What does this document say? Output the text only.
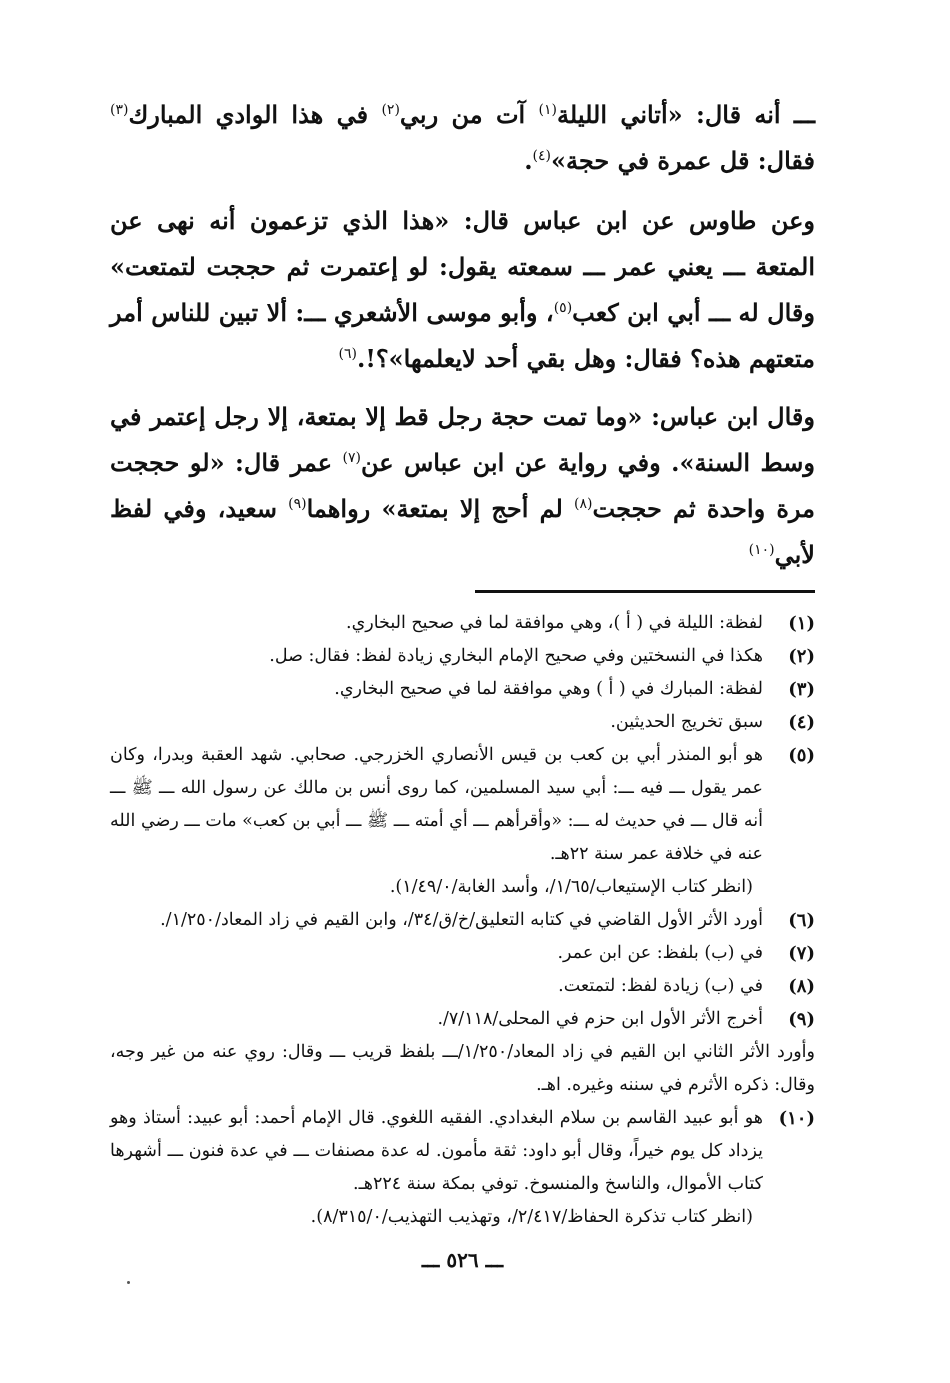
ـــ أنه قال: «أتاني الليلة$^{(١)}$ آت من ربي$^{(٢)}$ في هذا الوادي المبارك$^{(٣)}$ فقال: قل عمرة في حجة»$^{(٤)}$.

وعن طاوس عن ابن عباس قال: «هذا الذي تزعمون أنه نهى عن المتعة ـــ يعني عمر ـــ سمعته يقول: لو إعتمرت ثم حججت لتمتعت» وقال له ـــ أبي ابن كعب$^{(٥)}$، وأبو موسى الأشعري ـــ: ألا تبين للناس أمر متعتهم هذه؟ فقال: وهل بقي أحد لايعلمها»؟!.$^{(٦)}$

وقال ابن عباس: «وما تمت حجة رجل قط إلا بمتعة، إلا رجل إعتمر في وسط السنة». وفي رواية عن ابن عباس عن$^{(٧)}$ عمر قال: «لو حججت مرة واحدة ثم حججت$^{(٨)}$ لم أحج إلا بمتعة» رواهما$^{(٩)}$ سعيد، وفي لفظ لأبي$^{(١٠)}$

(١)
لفظة: الليلة في ( أ )، وهي موافقة لما في صحيح البخاري.
(٢)
هكذا في النسختين وفي صحيح الإمام البخاري زيادة لفظ: فقال: صل.
(٣)
لفظة: المبارك في ( أ ) وهي موافقة لما في صحيح البخاري.
(٤)
سبق تخريج الحديثين.
(٥)
هو أبو المنذر أبي بن كعب بن قيس الأنصاري الخزرجي. صحابي. شهد العقبة وبدرا، وكان عمر يقول ـــ فيه ـــ: أبي سيد المسلمين، كما روى أنس بن مالك عن رسول الله ـــ ﷺ ـــ أنه قال ـــ في حديث له ـــ: «وأقرأهم ـــ أي أمته ـــ ﷺ ـــ أبي بن كعب» مات ـــ رضي الله عنه في خلافة عمر سنة ٢٢هـ.
(انظر كتاب الإستيعاب/١/٦٥/، وأسد الغابة/١/٤٩/٠).
(٦)
أورد الأثر الأول القاضي في كتابه التعليق/خ/ق/٣٤/، وابن القيم في زاد المعاد/١/٢٥٠/.
(٧)
في (ب) بلفظ: عن ابن عمر.
(٨)
في (ب) زيادة لفظ: لتمتعت.
(٩)
أخرج الأثر الأول ابن حزم في المحلى/٧/١١٨/.
وأورد الأثر الثاني ابن القيم في زاد المعاد/١/٢٥٠/ـــ بلفظ قريب ـــ وقال: روي عنه من غير وجه، وقال: ذكره الأثرم في سننه وغيره. اهـ.
(١٠)
هو أبو عبيد القاسم بن سلام البغدادي. الفقيه اللغوي. قال الإمام أحمد: أبو عبيد: أستاذ وهو يزداد كل يوم خيراً، وقال أبو داود: ثقة مأمون. له عدة مصنفات ـــ في عدة فنون ـــ أشهرها كتاب الأموال، والناسخ والمنسوخ. توفي بمكة سنة ٢٢٤هـ.
(انظر كتاب تذكرة الحفاظ/٢/٤١٧/، وتهذيب التهذيب/٨/٣١٥/٠).
ـــ ٥٢٦ ـــ
